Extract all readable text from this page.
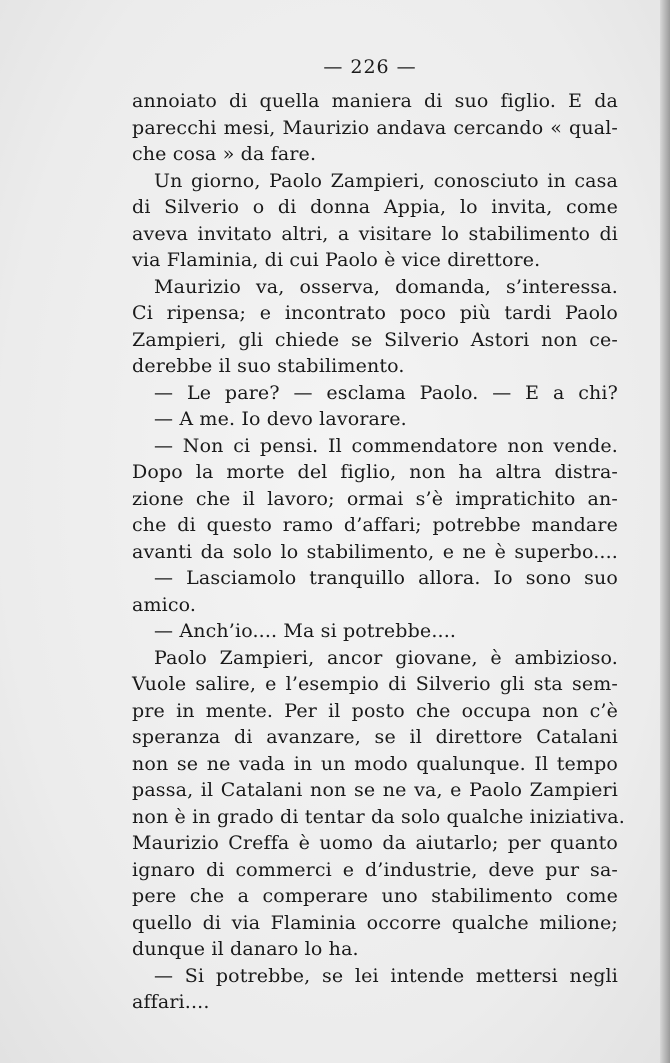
— 226 —
annoiato di quella maniera di suo figlio. E da
parecchi mesi, Maurizio andava cercando « qual-
che cosa » da fare.
Un giorno, Paolo Zampieri, conosciuto in casa
di Silverio o di donna Appia, lo invita, come
aveva invitato altri, a visitare lo stabilimento di
via Flaminia, di cui Paolo è vice direttore.
Maurizio va, osserva, domanda, s’interessa.
Ci ripensa; e incontrato poco più tardi Paolo
Zampieri, gli chiede se Silverio Astori non ce-
derebbe il suo stabilimento.
— Le pare? — esclama Paolo. — E a chi?
— A me. Io devo lavorare.
— Non ci pensi. Il commendatore non vende.
Dopo la morte del figlio, non ha altra distra-
zione che il lavoro; ormai s’è impratichito an-
che di questo ramo d’affari; potrebbe mandare
avanti da solo lo stabilimento, e ne è superbo....
— Lasciamolo tranquillo allora. Io sono suo
amico.
— Anch’io.... Ma si potrebbe....
Paolo Zampieri, ancor giovane, è ambizioso.
Vuole salire, e l’esempio di Silverio gli sta sem-
pre in mente. Per il posto che occupa non c’è
speranza di avanzare, se il direttore Catalani
non se ne vada in un modo qualunque. Il tempo
passa, il Catalani non se ne va, e Paolo Zampieri
non è in grado di tentar da solo qualche iniziativa.
Maurizio Creffa è uomo da aiutarlo; per quanto
ignaro di commerci e d’industrie, deve pur sa-
pere che a comperare uno stabilimento come
quello di via Flaminia occorre qualche milione;
dunque il danaro lo ha.
— Si potrebbe, se lei intende mettersi negli
affari....
